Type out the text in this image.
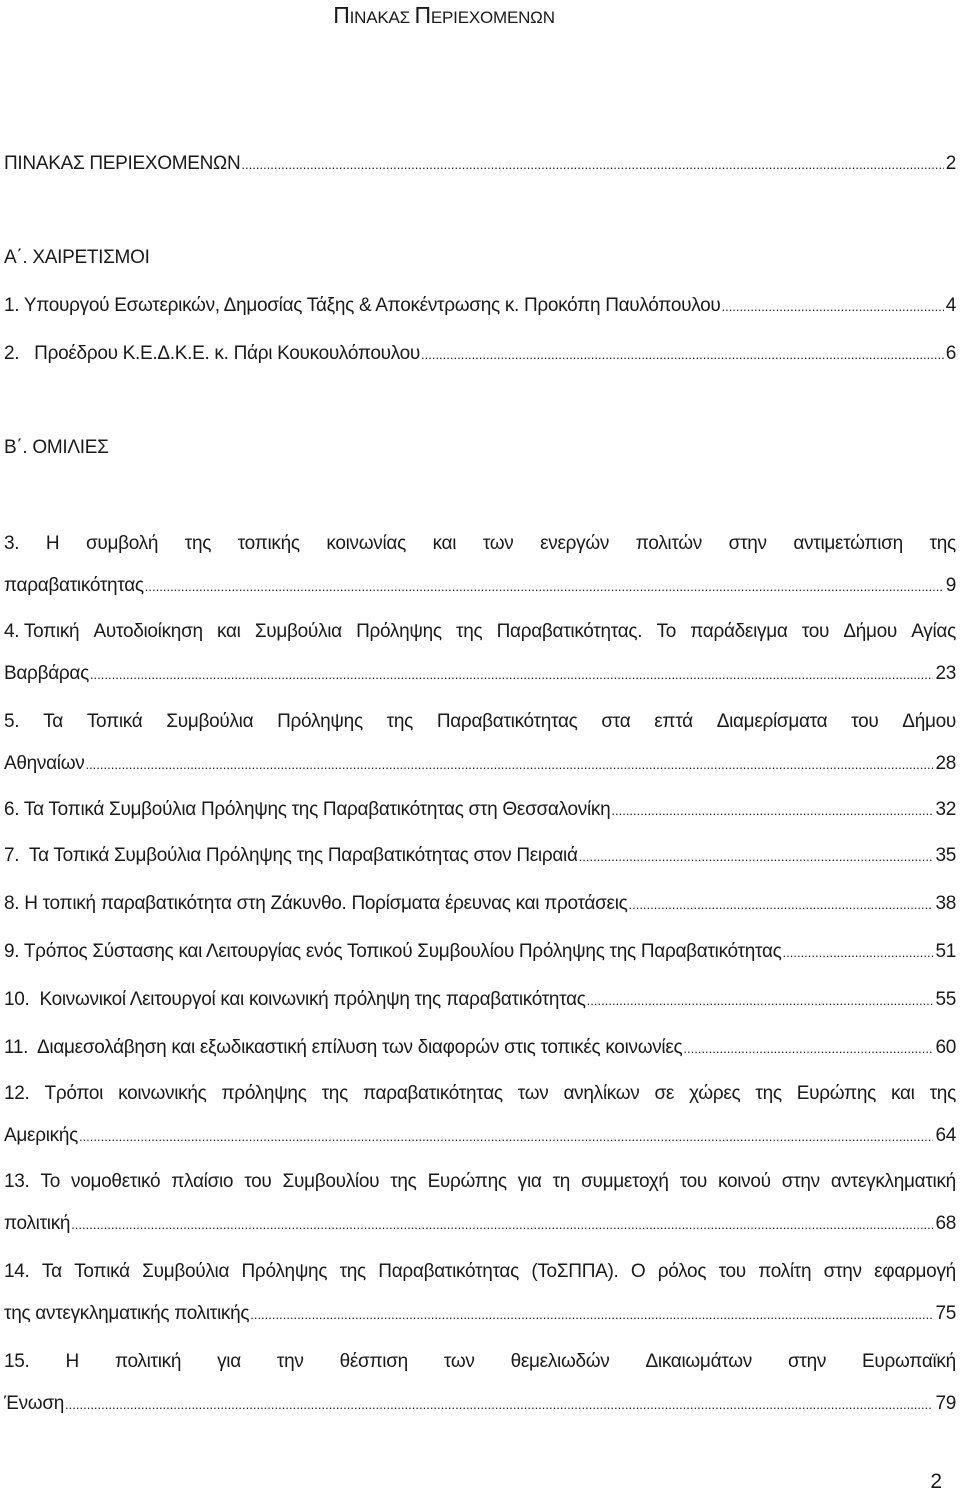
ΠΙΝΑΚΑΣ ΠΕΡΙΕΧΟΜΕΝΩΝ
ΠΙΝΑΚΑΣ ΠΕΡΙΕΧΟΜΕΝΩΝ .....	2
Α΄. ΧΑΙΡΕΤΙΣΜΟΙ
1. Υπουργού Εσωτερικών, Δημοσίας Τάξης & Αποκέντρωσης κ. Προκόπη Παυλόπουλου .....	4
2.   Προέδρου Κ.Ε.Δ.Κ.Ε. κ. Πάρι Κουκουλόπουλου .....	6
Β΄. ΟΜΙΛΙΕΣ
3. Η συμβολή της τοπικής κοινωνίας και των ενεργών πολιτών στην αντιμετώπιση της
παραβατικότητας .....	9
4. Τοπική Αυτοδιοίκηση και Συμβούλια Πρόληψης της Παραβατικότητας. Το παράδειγμα του Δήμου Αγίας
Βαρβάρας .....	23
5. Τα Τοπικά Συμβούλια Πρόληψης της Παραβατικότητας στα επτά Διαμερίσματα του Δήμου
Αθηναίων .....	28
6. Τα Τοπικά Συμβούλια Πρόληψης της Παραβατικότητας στη Θεσσαλονίκη .....	32
7.  Τα Τοπικά Συμβούλια Πρόληψης της Παραβατικότητας στον Πειραιά .....	35
8. Η τοπική παραβατικότητα στη Ζάκυνθο. Πορίσματα έρευνας και προτάσεις .....	38
9. Τρόπος Σύστασης και Λειτουργίας ενός Τοπικού Συμβουλίου Πρόληψης της Παραβατικότητας .....	51
10.  Κοινωνικοί Λειτουργοί και κοινωνική πρόληψη της παραβατικότητας .....	55
11.  Διαμεσολάβηση και εξωδικαστική επίλυση των διαφορών στις τοπικές κοινωνίες .....	60
12. Τρόποι κοινωνικής πρόληψης της παραβατικότητας των ανηλίκων σε χώρες της Ευρώπης και της
Αμερικής .....	64
13. Το νομοθετικό πλαίσιο του Συμβουλίου της Ευρώπης για τη συμμετοχή του κοινού στην αντεγκληματική
πολιτική .....	68
14. Τα Τοπικά Συμβούλια Πρόληψης της Παραβατικότητας (ΤοΣΠΠΑ). Ο ρόλος του πολίτη στην εφαρμογή
της αντεγκληματικής πολιτικής .....	75
15. Η πολιτική για την θέσπιση των θεμελιωδών Δικαιωμάτων στην Ευρωπαϊκή
Ένωση .....	79
2
